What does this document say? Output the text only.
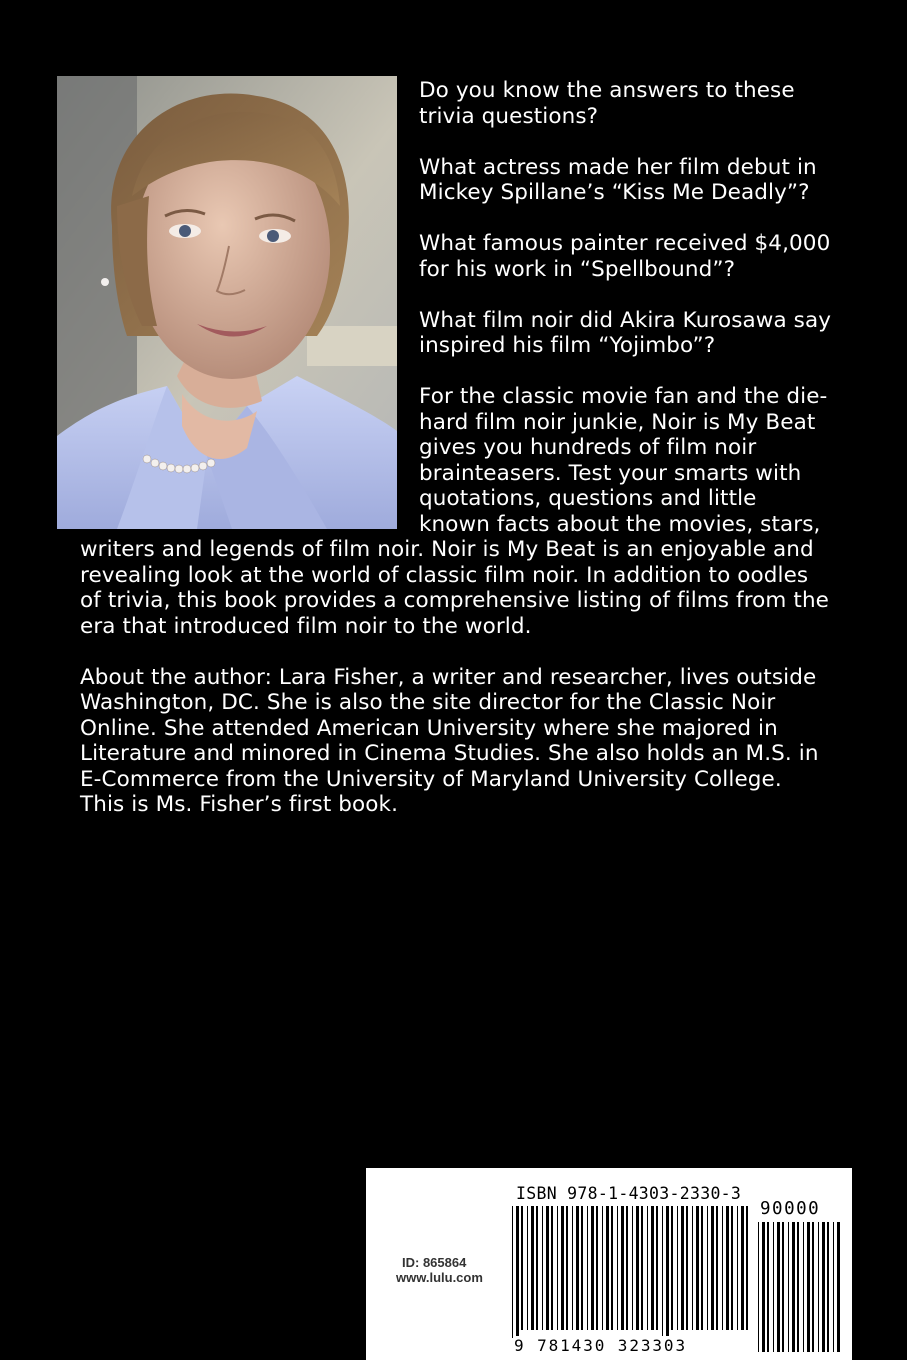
Do you know the answers to these trivia questions?

What actress made her film debut in Mickey Spillane’s “Kiss Me Deadly”?

What famous painter received $4,000 for his work in “Spellbound”?

What film noir did Akira Kurosawa say inspired his film “Yojimbo”?

For the classic movie fan and the die-hard film noir junkie, Noir is My Beat gives you hundreds of film noir brainteasers. Test your smarts with quotations, questions and little known facts about the movies, stars, writers and legends of film noir. Noir is My Beat is an enjoyable and revealing look at the world of classic film noir. In addition to oodles of trivia, this book provides a comprehensive listing of films from the era that introduced film noir to the world.

About the author: Lara Fisher, a writer and researcher, lives outside Washington, DC. She is also the site director for the Classic Noir Online. She attended American University where she majored in Literature and minored in Cinema Studies. She also holds an M.S. in E-Commerce from the University of Maryland University College. This is Ms. Fisher’s first book.

ISBN 978-1-4303-2330-3
90000
9 781430 323303
ID: 865864
www.lulu.com
